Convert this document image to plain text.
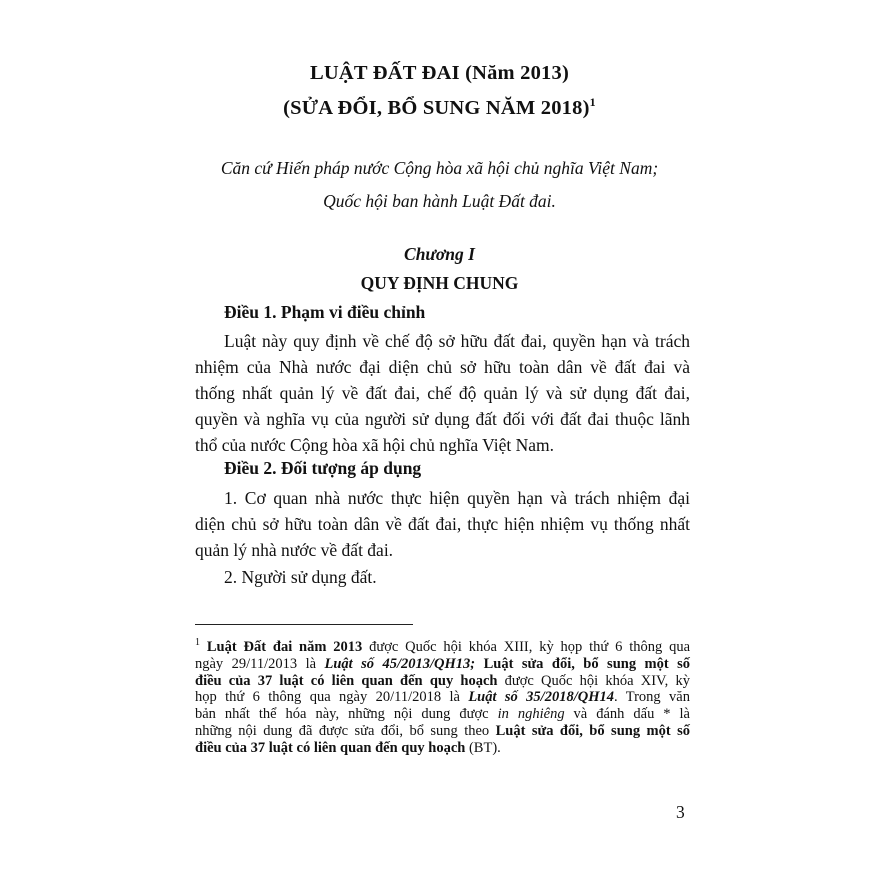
LUẬT ĐẤT ĐAI (Năm 2013)
(SỬA ĐỔI, BỔ SUNG NĂM 2018)$^1$
Căn cứ Hiến pháp nước Cộng hòa xã hội chủ nghĩa Việt Nam;
Quốc hội ban hành Luật Đất đai.
Chương I
QUY ĐỊNH CHUNG
Điều 1. Phạm vi điều chỉnh
Luật này quy định về chế độ sở hữu đất đai, quyền hạn và trách
nhiệm của Nhà nước đại diện chủ sở hữu toàn dân về đất đai và
thống nhất quản lý về đất đai, chế độ quản lý và sử dụng đất đai,
quyền và nghĩa vụ của người sử dụng đất đối với đất đai thuộc lãnh
thổ của nước Cộng hòa xã hội chủ nghĩa Việt Nam.
Điều 2. Đối tượng áp dụng
1. Cơ quan nhà nước thực hiện quyền hạn và trách nhiệm đại
diện chủ sở hữu toàn dân về đất đai, thực hiện nhiệm vụ thống nhất
quản lý nhà nước về đất đai.
2. Người sử dụng đất.
$^1$ Luật Đất đai năm 2013 được Quốc hội khóa XIII, kỳ họp thứ 6 thông qua
ngày 29/11/2013 là Luật số 45/2013/QH13; Luật sửa đổi, bổ sung một số
điều của 37 luật có liên quan đến quy hoạch được Quốc hội khóa XIV, kỳ
họp thứ 6 thông qua ngày 20/11/2018 là Luật số 35/2018/QH14. Trong văn
bản nhất thể hóa này, những nội dung được in nghiêng và đánh dấu * là
những nội dung đã được sửa đổi, bổ sung theo Luật sửa đổi, bổ sung một số
điều của 37 luật có liên quan đến quy hoạch (BT).
3
